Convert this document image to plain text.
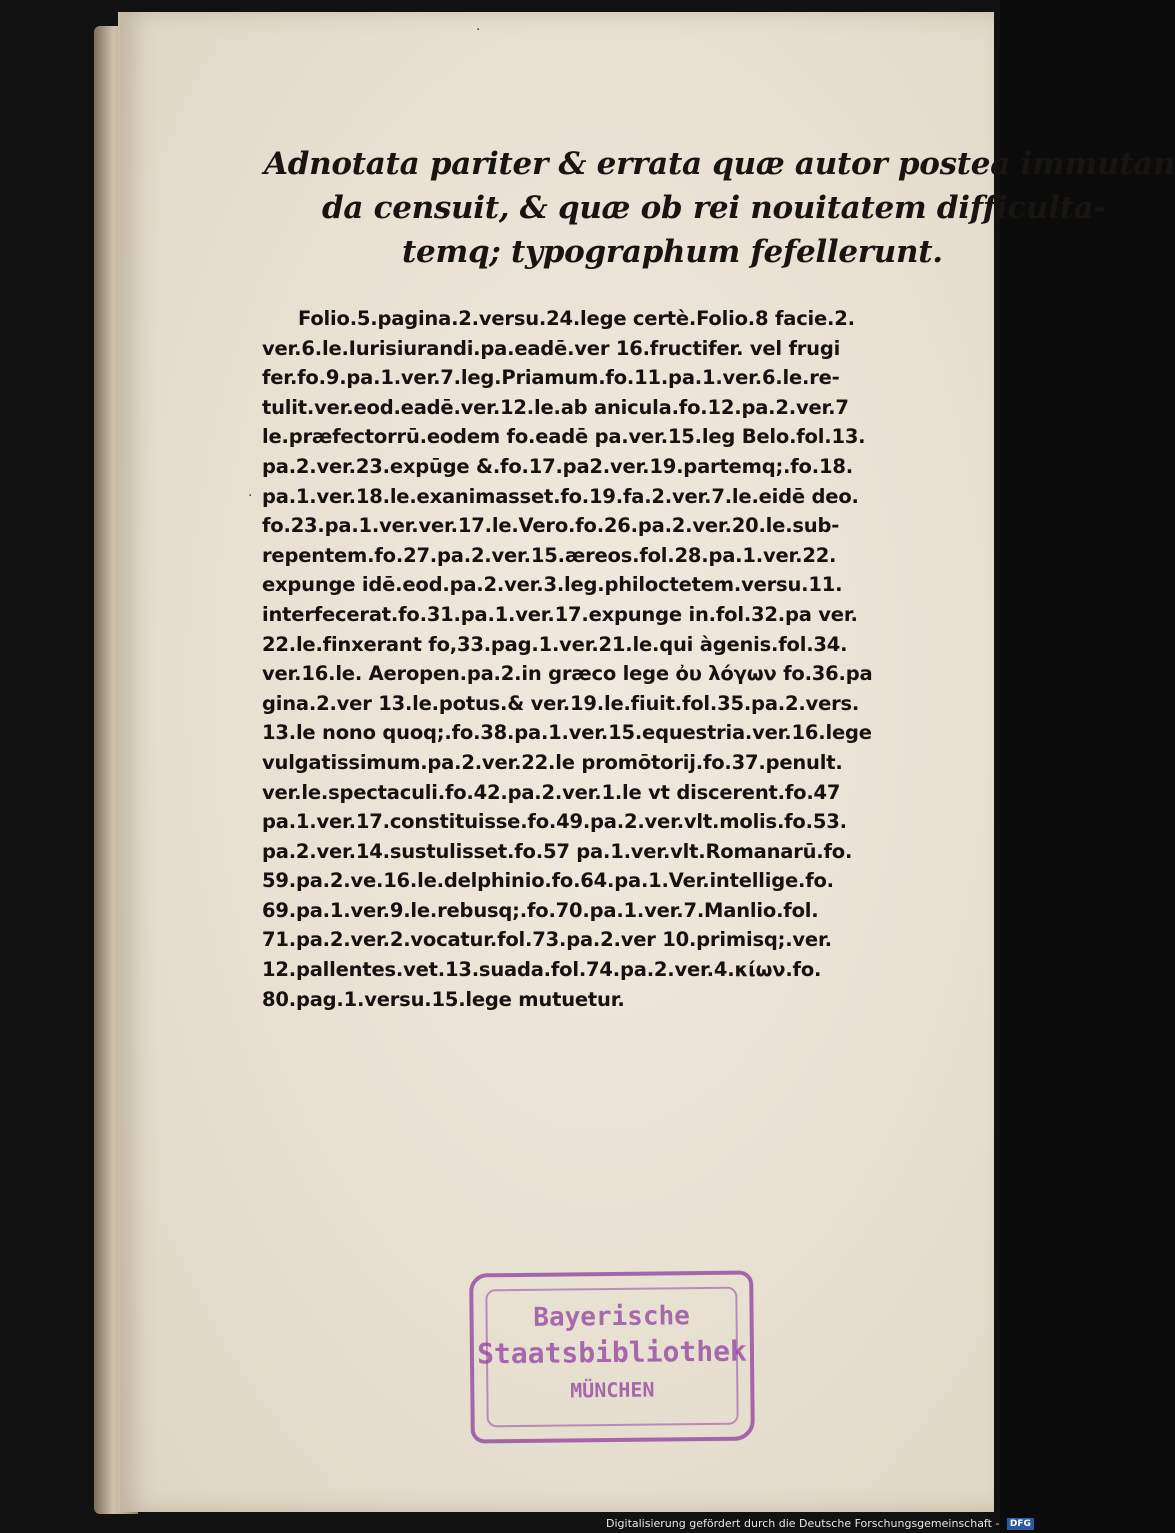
·
·
Adnotata pariter & errata quæ autor postea immutan
da censuit, & quæ ob rei nouitatem difficulta-
temq; typographum fefellerunt.
Folio.5.pagina.2.versu.24.lege certè.Folio.8 facie.2.
ver.6.le.Iurisiurandi.pa.eadē.ver 16.fructifer. vel frugi
fer.fo.9.pa.1.ver.7.leg.Priamum.fo.11.pa.1.ver.6.le.re-
tulit.ver.eod.eadē.ver.12.le.ab anicula.fo.12.pa.2.ver.7
le.præfectorrū.eodem fo.eadē pa.ver.15.leg Belo.fol.13.
pa.2.ver.23.expūge &.fo.17.pa2.ver.19.partemq;.fo.18.
pa.1.ver.18.le.exanimasset.fo.19.fa.2.ver.7.le.eidē deo.
fo.23.pa.1.ver.ver.17.le.Vero.fo.26.pa.2.ver.20.le.sub-
repentem.fo.27.pa.2.ver.15.æreos.fol.28.pa.1.ver.22.
expunge idē.eod.pa.2.ver.3.leg.philoctetem.versu.11.
interfecerat.fo.31.pa.1.ver.17.expunge in.fol.32.pa ver.
22.le.finxerant fo,33.pag.1.ver.21.le.qui àgenis.fol.34.
ver.16.le. Aeropen.pa.2.in græco lege ὀυ λόγων fo.36.pa
gina.2.ver 13.le.potus.& ver.19.le.fiuit.fol.35.pa.2.vers.
13.le nono quoq;.fo.38.pa.1.ver.15.equestria.ver.16.lege
vulgatissimum.pa.2.ver.22.le promōtorij.fo.37.penult.
ver.le.spectaculi.fo.42.pa.2.ver.1.le vt discerent.fo.47
pa.1.ver.17.constituisse.fo.49.pa.2.ver.vlt.molis.fo.53.
pa.2.ver.14.sustulisset.fo.57 pa.1.ver.vlt.Romanarū.fo.
59.pa.2.ve.16.le.delphinio.fo.64.pa.1.Ver.intellige.fo.
69.pa.1.ver.9.le.rebusq;.fo.70.pa.1.ver.7.Manlio.fol.
71.pa.2.ver.2.vocatur.fol.73.pa.2.ver 10.primisq;.ver.
12.pallentes.vet.13.suada.fol.74.pa.2.ver.4.κίων.fo.
80.pag.1.versu.15.lege mutuetur.
Bayerische
Staatsbibliothek
MÜNCHEN
Digitalisierung gefördert durch die Deutsche Forschungsgemeinschaft - DFG
